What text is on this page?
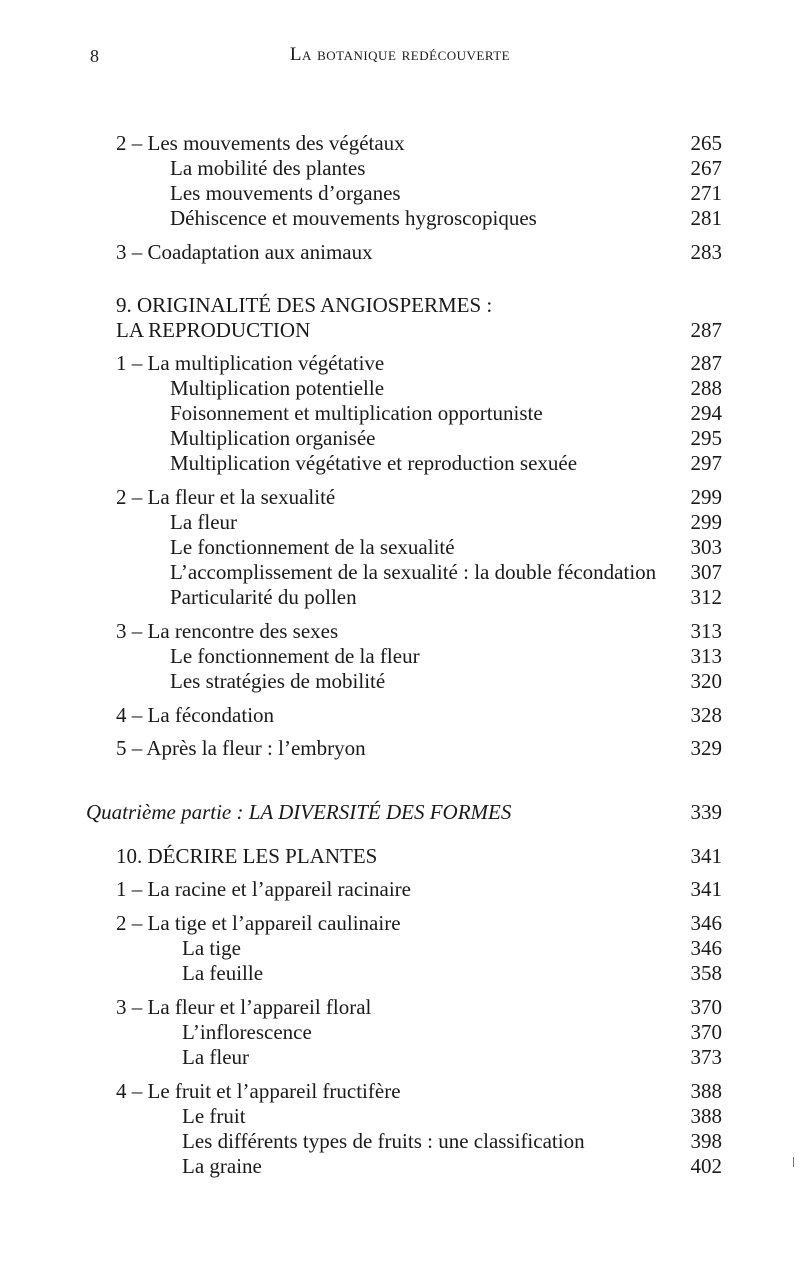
8	La botanique redécouverte
2 – Les mouvements des végétaux	265
La mobilité des plantes	267
Les mouvements d’organes	271
Déhiscence et mouvements hygroscopiques	281
3 – Coadaptation aux animaux	283
9. ORIGINALITÉ DES ANGIOSPERMES :
LA REPRODUCTION	287
1 – La multiplication végétative	287
Multiplication potentielle	288
Foisonnement et multiplication opportuniste	294
Multiplication organisée	295
Multiplication végétative et reproduction sexuée	297
2 – La fleur et la sexualité	299
La fleur	299
Le fonctionnement de la sexualité	303
L’accomplissement de la sexualité : la double fécondation 307
Particularité du pollen	312
3 – La rencontre des sexes	313
Le fonctionnement de la fleur	313
Les stratégies de mobilité	320
4 – La fécondation	328
5 – Après la fleur : l’embryon	329
Quatrième partie : LA DIVERSITÉ DES FORMES	339
10. DÉCRIRE LES PLANTES	341
1 – La racine et l’appareil racinaire	341
2 – La tige et l’appareil caulinaire	346
La tige	346
La feuille	358
3 – La fleur et l’appareil floral	370
L’inflorescence	370
La fleur	373
4 – Le fruit et l’appareil fructifère	388
Le fruit	388
Les différents types de fruits : une classification	398
La graine	402
